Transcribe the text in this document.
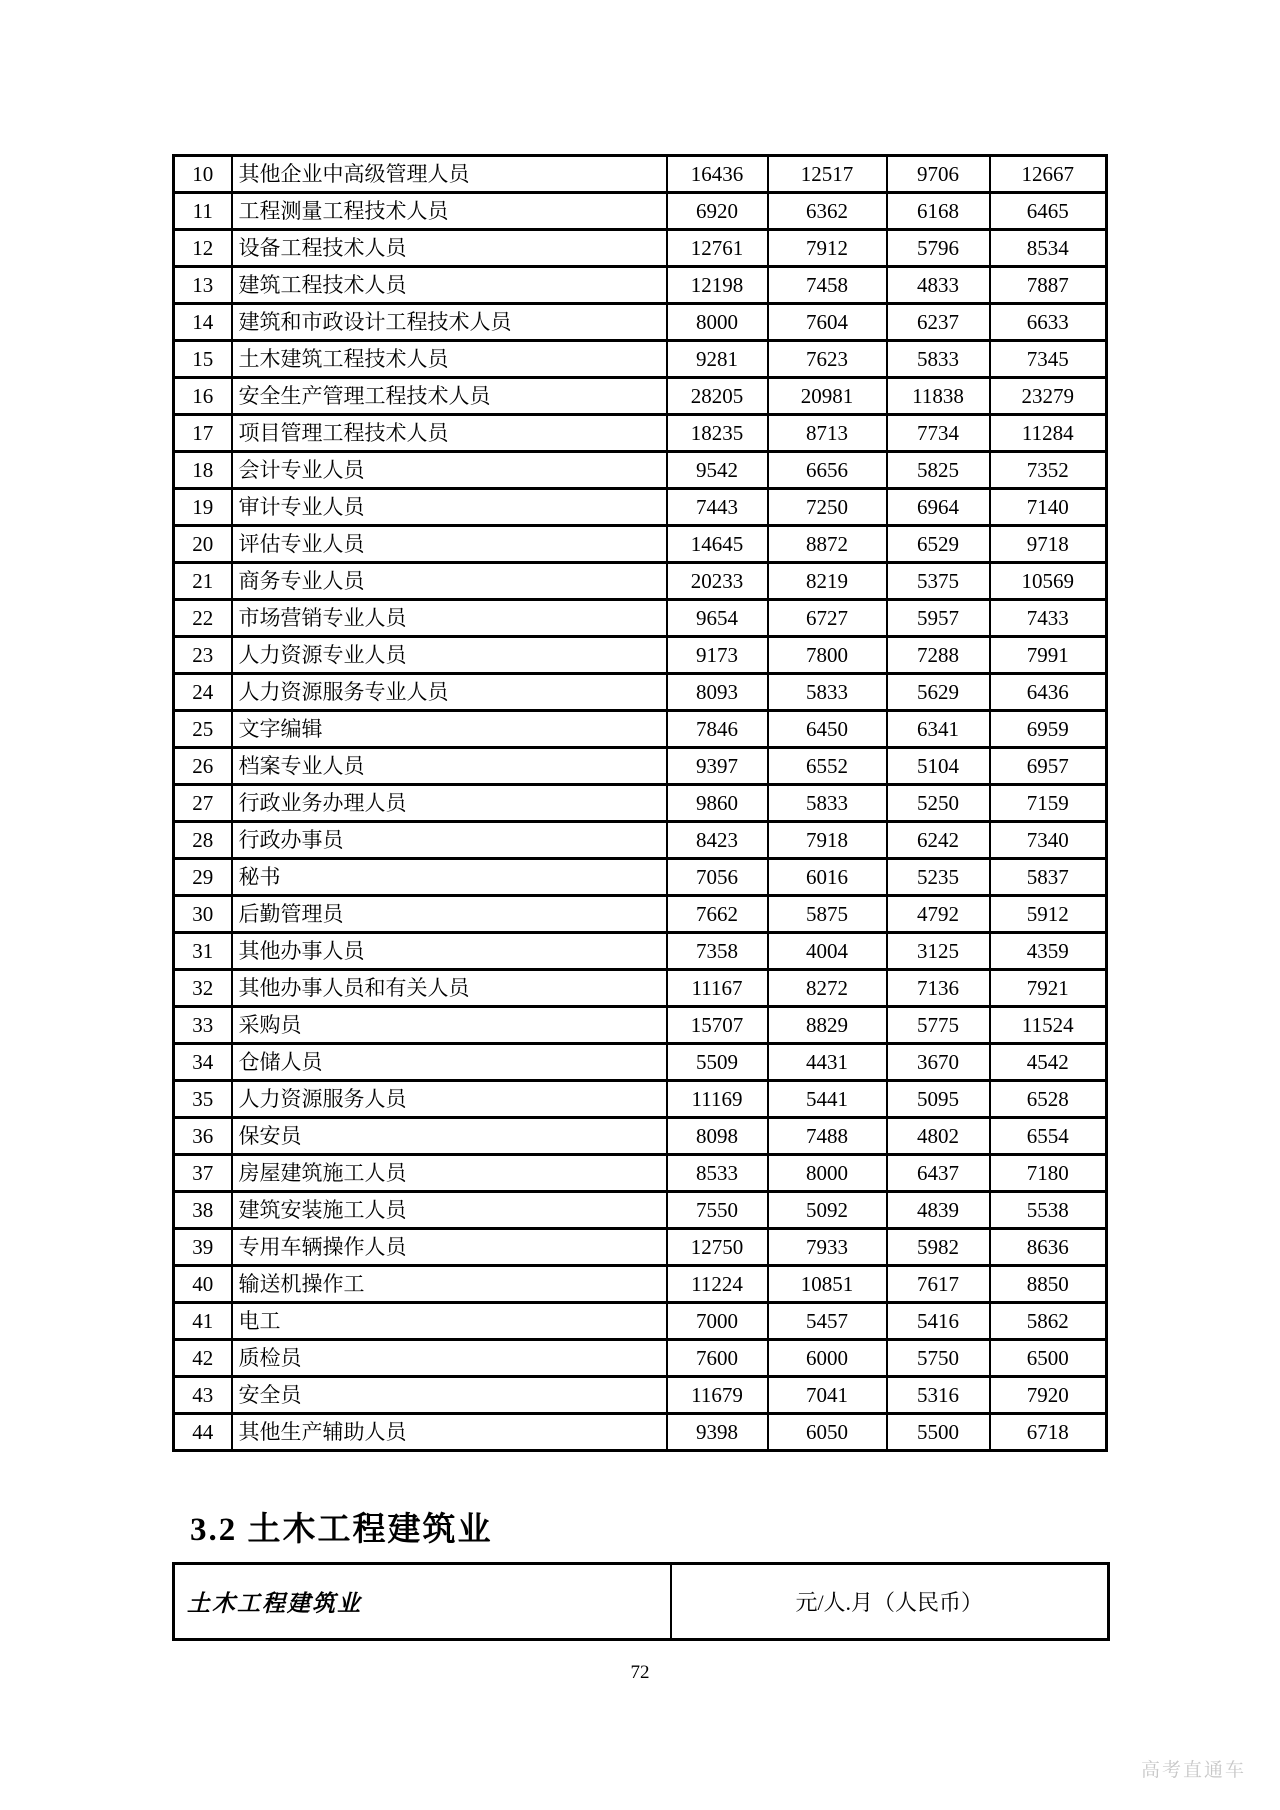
10	其他企业中高级管理人员	16436	12517	9706	12667
11	工程测量工程技术人员	6920	6362	6168	6465
12	设备工程技术人员	12761	7912	5796	8534
13	建筑工程技术人员	12198	7458	4833	7887
14	建筑和市政设计工程技术人员	8000	7604	6237	6633
15	土木建筑工程技术人员	9281	7623	5833	7345
16	安全生产管理工程技术人员	28205	20981	11838	23279
17	项目管理工程技术人员	18235	8713	7734	11284
18	会计专业人员	9542	6656	5825	7352
19	审计专业人员	7443	7250	6964	7140
20	评估专业人员	14645	8872	6529	9718
21	商务专业人员	20233	8219	5375	10569
22	市场营销专业人员	9654	6727	5957	7433
23	人力资源专业人员	9173	7800	7288	7991
24	人力资源服务专业人员	8093	5833	5629	6436
25	文字编辑	7846	6450	6341	6959
26	档案专业人员	9397	6552	5104	6957
27	行政业务办理人员	9860	5833	5250	7159
28	行政办事员	8423	7918	6242	7340
29	秘书	7056	6016	5235	5837
30	后勤管理员	7662	5875	4792	5912
31	其他办事人员	7358	4004	3125	4359
32	其他办事人员和有关人员	11167	8272	7136	7921
33	采购员	15707	8829	5775	11524
34	仓储人员	5509	4431	3670	4542
35	人力资源服务人员	11169	5441	5095	6528
36	保安员	8098	7488	4802	6554
37	房屋建筑施工人员	8533	8000	6437	7180
38	建筑安装施工人员	7550	5092	4839	5538
39	专用车辆操作人员	12750	7933	5982	8636
40	输送机操作工	11224	10851	7617	8850
41	电工	7000	5457	5416	5862
42	质检员	7600	6000	5750	6500
43	安全员	11679	7041	5316	7920
44	其他生产辅助人员	9398	6050	5500	6718
3.2 土木工程建筑业
土木工程建筑业	元/人.月（人民币）
72
高考直通车
